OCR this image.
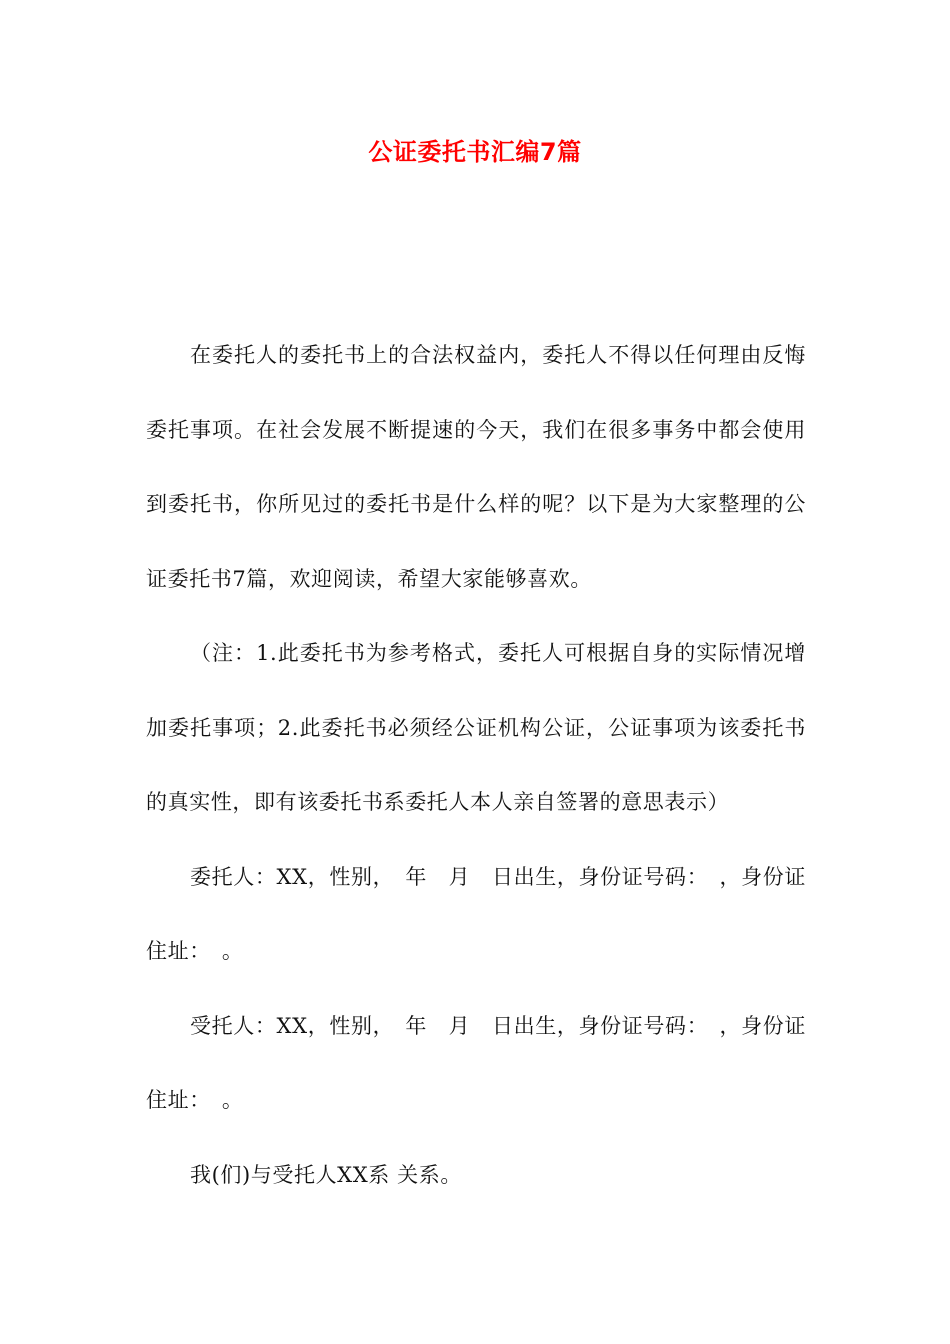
公证委托书汇编7篇

在委托人的委托书上的合法权益内，委托人不得以任何理由反悔委托事项。在社会发展不断提速的今天，我们在很多事务中都会使用到委托书，你所见过的委托书是什么样的呢？以下是为大家整理的公证委托书7篇，欢迎阅读，希望大家能够喜欢。

（注：1.此委托书为参考格式，委托人可根据自身的实际情况增加委托事项；2.此委托书必须经公证机构公证，公证事项为该委托书的真实性，即有该委托书系委托人本人亲自签署的意思表示）

委托人：XX，性别，　年　月　日出生，身份证号码：　，身份证住址：　。

受托人：XX，性别，　年　月　日出生，身份证号码：　，身份证住址：　。

我(们)与受托人XX系 关系。
